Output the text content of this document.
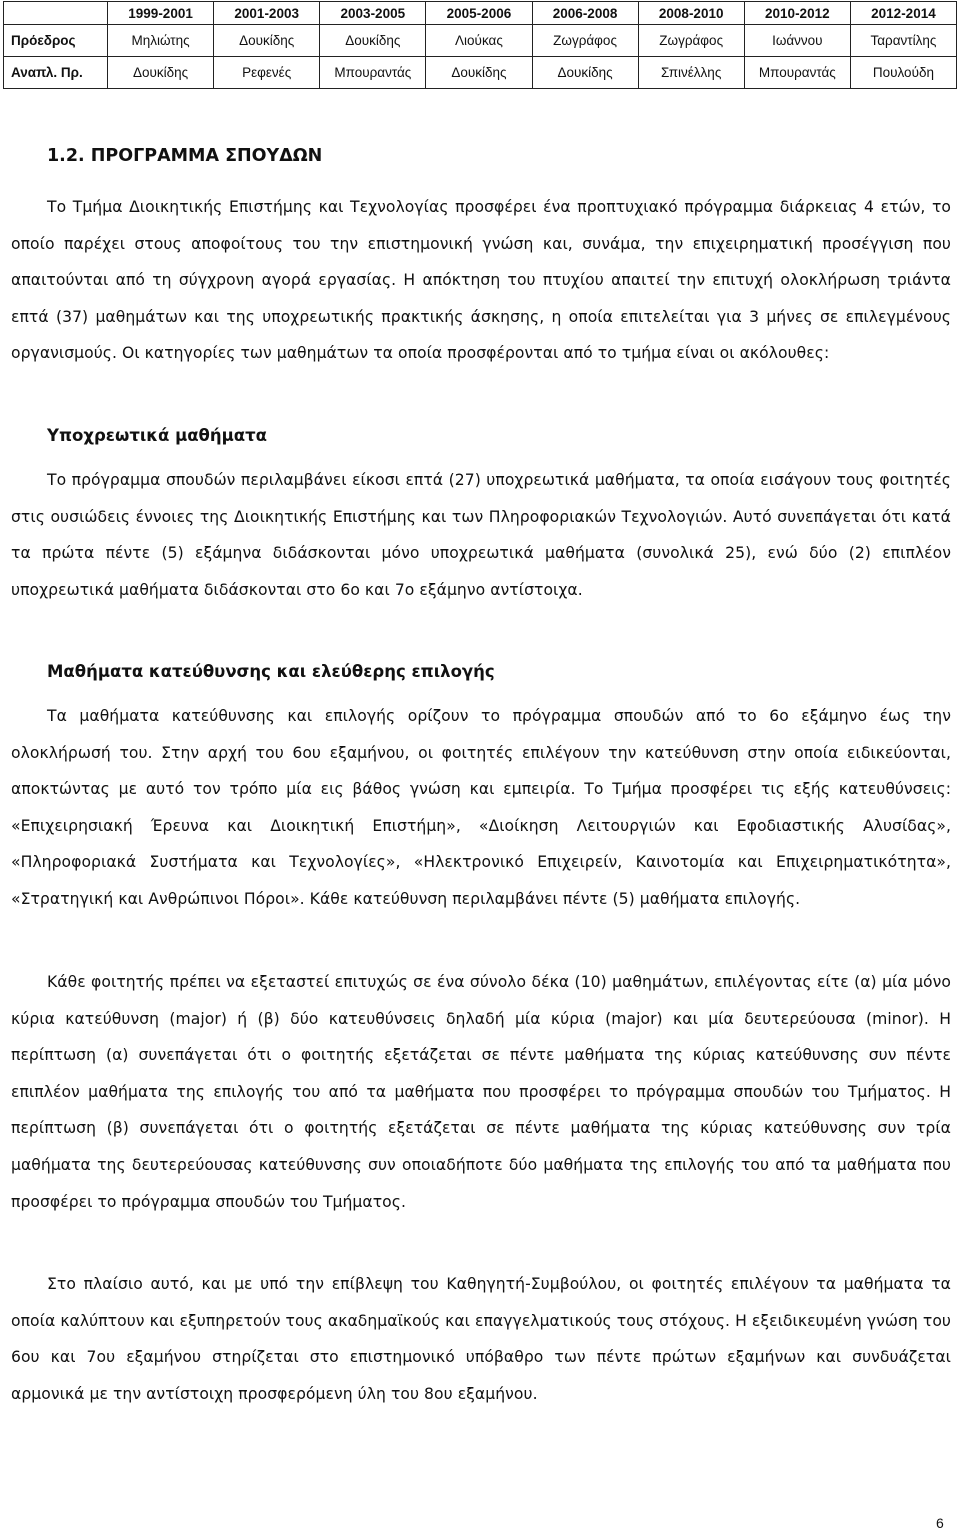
	1999-2001	2001-2003	2003-2005	2005-2006	2006-2008	2008-2010	2010-2012	2012-2014
Πρόεδρος	Μηλιώτης	Δουκίδης	Δουκίδης	Λιούκας	Ζωγράφος	Ζωγράφος	Ιωάννου	Ταραντίλης
Αναπλ. Πρ.	Δουκίδης	Ρεφενές	Μπουραντάς	Δουκίδης	Δουκίδης	Σπινέλλης	Μπουραντάς	Πουλούδη
1.2. ΠΡΟΓΡΑΜΜΑ ΣΠΟΥΔΩΝ

Το Τμήμα Διοικητικής Επιστήμης και Τεχνολογίας προσφέρει ένα προπτυχιακό πρόγραμμα διάρκειας 4 ετών, το οποίο παρέχει στους αποφοίτους του την επιστημονική γνώση και, συνάμα, την επιχειρηματική προσέγγιση που απαιτούνται από τη σύγχρονη αγορά εργασίας. Η απόκτηση του πτυχίου απαιτεί την επιτυχή ολοκλήρωση τριάντα επτά (37) μαθημάτων και της υποχρεωτικής πρακτικής άσκησης, η οποία επιτελείται για 3 μήνες σε επιλεγμένους οργανισμούς. Οι κατηγορίες των μαθημάτων τα οποία προσφέρονται από το τμήμα είναι οι ακόλουθες:

Υποχρεωτικά μαθήματα

Το πρόγραμμα σπουδών περιλαμβάνει είκοσι επτά (27) υποχρεωτικά μαθήματα, τα οποία εισάγουν τους φοιτητές στις ουσιώδεις έννοιες της Διοικητικής Επιστήμης και των Πληροφοριακών Τεχνολογιών. Αυτό συνεπάγεται ότι κατά τα πρώτα πέντε (5) εξάμηνα διδάσκονται μόνο υποχρεωτικά μαθήματα (συνολικά 25), ενώ δύο (2) επιπλέον υποχρεωτικά μαθήματα διδάσκονται στο 6ο και 7ο εξάμηνο αντίστοιχα.

Μαθήματα κατεύθυνσης και ελεύθερης επιλογής

Τα μαθήματα κατεύθυνσης και επιλογής ορίζουν το πρόγραμμα σπουδών από το 6ο εξάμηνο έως την ολοκλήρωσή του. Στην αρχή του 6ου εξαμήνου, οι φοιτητές επιλέγουν την κατεύθυνση στην οποία ειδικεύονται, αποκτώντας με αυτό τον τρόπο μία εις βάθος γνώση και εμπειρία. Το Τμήμα προσφέρει τις εξής κατευθύνσεις: «Επιχειρησιακή Έρευνα και Διοικητική Επιστήμη», «Διοίκηση Λειτουργιών και Εφοδιαστικής Αλυσίδας», «Πληροφοριακά Συστήματα και Τεχνολογίες», «Ηλεκτρονικό Επιχειρείν, Καινοτομία και Επιχειρηματικότητα», «Στρατηγική και Ανθρώπινοι Πόροι». Κάθε κατεύθυνση περιλαμβάνει πέντε (5) μαθήματα επιλογής.

Κάθε φοιτητής πρέπει να εξεταστεί επιτυχώς σε ένα σύνολο δέκα (10) μαθημάτων, επιλέγοντας είτε (α) μία μόνο κύρια κατεύθυνση (major) ή (β) δύο κατευθύνσεις δηλαδή μία κύρια (major) και μία δευτερεύουσα (minor). Η περίπτωση (α) συνεπάγεται ότι ο φοιτητής εξετάζεται σε πέντε μαθήματα της κύριας κατεύθυνσης συν πέντε επιπλέον μαθήματα της επιλογής του από τα μαθήματα που προσφέρει το πρόγραμμα σπουδών του Τμήματος. Η περίπτωση (β) συνεπάγεται ότι ο φοιτητής εξετάζεται σε πέντε μαθήματα της κύριας κατεύθυνσης συν τρία μαθήματα της δευτερεύουσας κατεύθυνσης συν οποιαδήποτε δύο μαθήματα της επιλογής του από τα μαθήματα που προσφέρει το πρόγραμμα σπουδών του Τμήματος.

Στο πλαίσιο αυτό, και με υπό την επίβλεψη του Καθηγητή-Συμβούλου, οι φοιτητές επιλέγουν τα μαθήματα τα οποία καλύπτουν και εξυπηρετούν τους ακαδημαϊκούς και επαγγελματικούς τους στόχους. Η εξειδικευμένη γνώση του 6ου και 7ου εξαμήνου στηρίζεται στο επιστημονικό υπόβαθρο των πέντε πρώτων εξαμήνων και συνδυάζεται αρμονικά με την αντίστοιχη προσφερόμενη ύλη του 8ου εξαμήνου.

6
